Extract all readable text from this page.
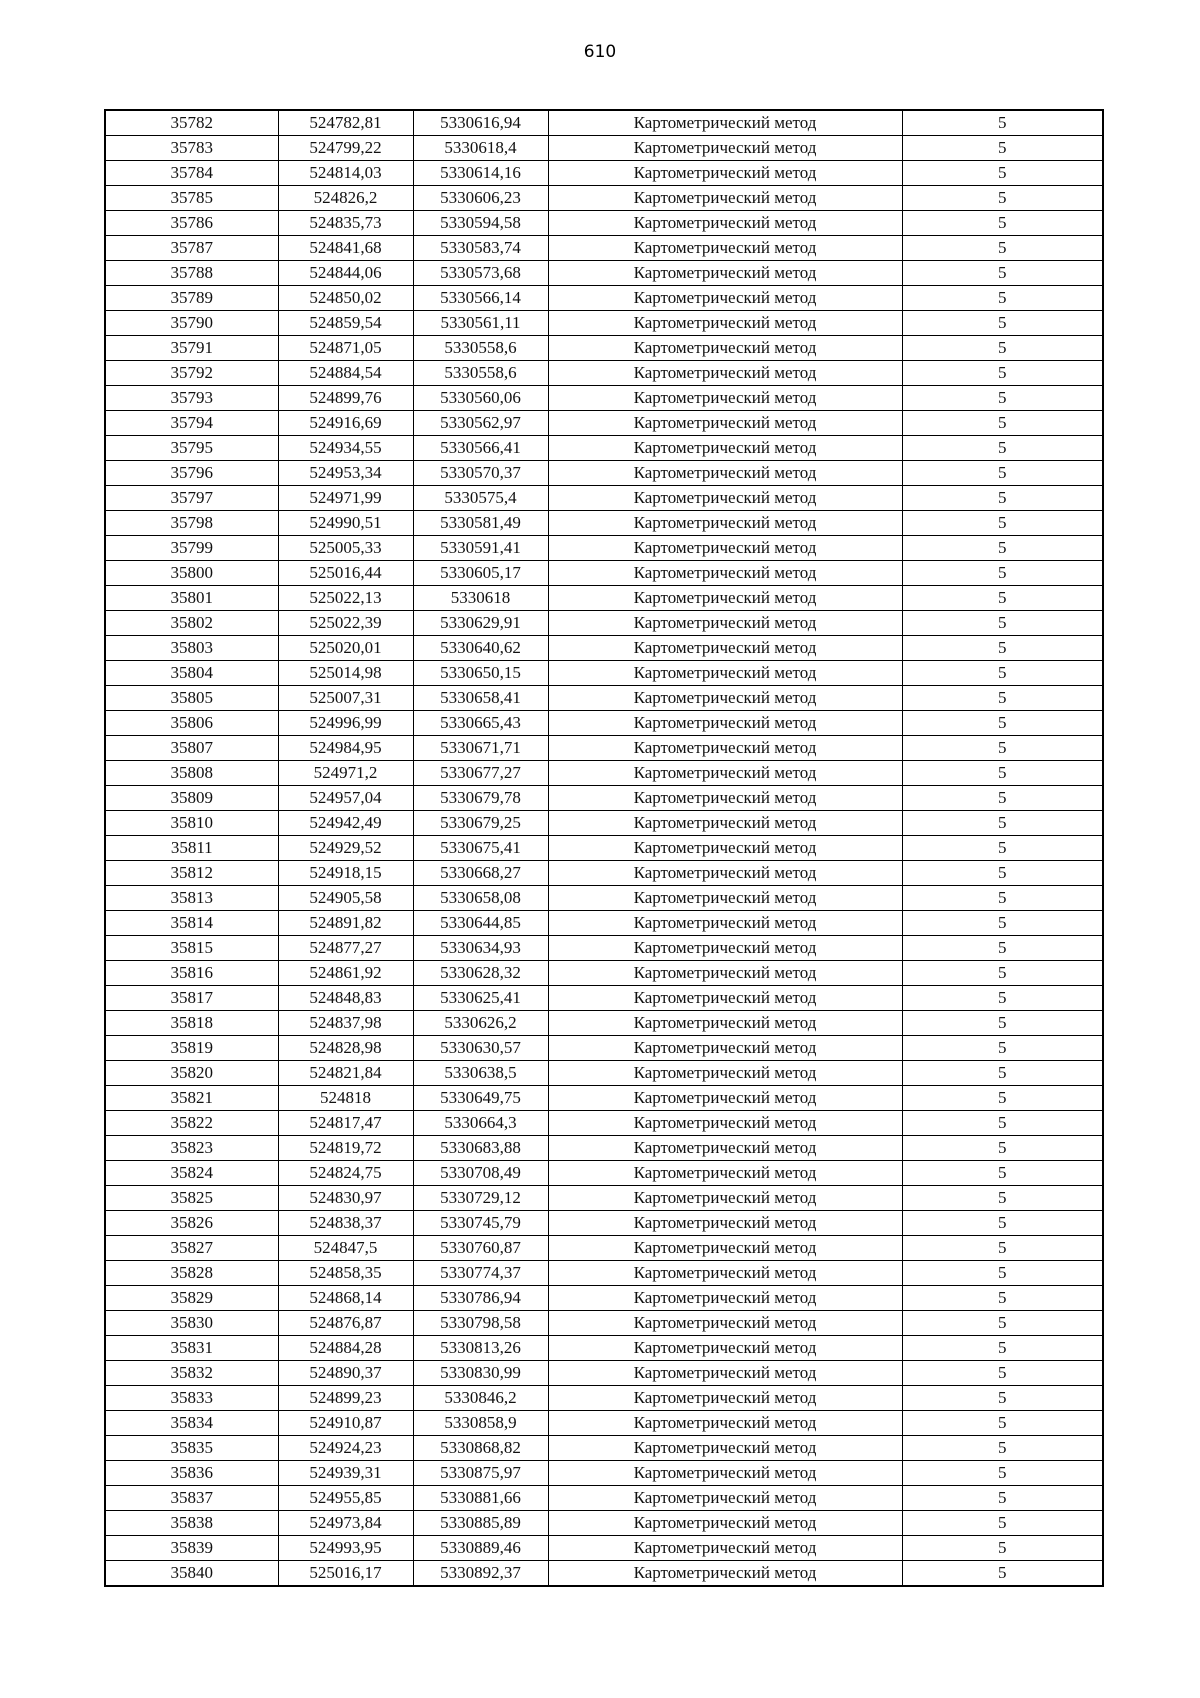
610
35782	524782,81	5330616,94	Картометрический метод	5
35783	524799,22	5330618,4	Картометрический метод	5
35784	524814,03	5330614,16	Картометрический метод	5
35785	524826,2	5330606,23	Картометрический метод	5
35786	524835,73	5330594,58	Картометрический метод	5
35787	524841,68	5330583,74	Картометрический метод	5
35788	524844,06	5330573,68	Картометрический метод	5
35789	524850,02	5330566,14	Картометрический метод	5
35790	524859,54	5330561,11	Картометрический метод	5
35791	524871,05	5330558,6	Картометрический метод	5
35792	524884,54	5330558,6	Картометрический метод	5
35793	524899,76	5330560,06	Картометрический метод	5
35794	524916,69	5330562,97	Картометрический метод	5
35795	524934,55	5330566,41	Картометрический метод	5
35796	524953,34	5330570,37	Картометрический метод	5
35797	524971,99	5330575,4	Картометрический метод	5
35798	524990,51	5330581,49	Картометрический метод	5
35799	525005,33	5330591,41	Картометрический метод	5
35800	525016,44	5330605,17	Картометрический метод	5
35801	525022,13	5330618	Картометрический метод	5
35802	525022,39	5330629,91	Картометрический метод	5
35803	525020,01	5330640,62	Картометрический метод	5
35804	525014,98	5330650,15	Картометрический метод	5
35805	525007,31	5330658,41	Картометрический метод	5
35806	524996,99	5330665,43	Картометрический метод	5
35807	524984,95	5330671,71	Картометрический метод	5
35808	524971,2	5330677,27	Картометрический метод	5
35809	524957,04	5330679,78	Картометрический метод	5
35810	524942,49	5330679,25	Картометрический метод	5
35811	524929,52	5330675,41	Картометрический метод	5
35812	524918,15	5330668,27	Картометрический метод	5
35813	524905,58	5330658,08	Картометрический метод	5
35814	524891,82	5330644,85	Картометрический метод	5
35815	524877,27	5330634,93	Картометрический метод	5
35816	524861,92	5330628,32	Картометрический метод	5
35817	524848,83	5330625,41	Картометрический метод	5
35818	524837,98	5330626,2	Картометрический метод	5
35819	524828,98	5330630,57	Картометрический метод	5
35820	524821,84	5330638,5	Картометрический метод	5
35821	524818	5330649,75	Картометрический метод	5
35822	524817,47	5330664,3	Картометрический метод	5
35823	524819,72	5330683,88	Картометрический метод	5
35824	524824,75	5330708,49	Картометрический метод	5
35825	524830,97	5330729,12	Картометрический метод	5
35826	524838,37	5330745,79	Картометрический метод	5
35827	524847,5	5330760,87	Картометрический метод	5
35828	524858,35	5330774,37	Картометрический метод	5
35829	524868,14	5330786,94	Картометрический метод	5
35830	524876,87	5330798,58	Картометрический метод	5
35831	524884,28	5330813,26	Картометрический метод	5
35832	524890,37	5330830,99	Картометрический метод	5
35833	524899,23	5330846,2	Картометрический метод	5
35834	524910,87	5330858,9	Картометрический метод	5
35835	524924,23	5330868,82	Картометрический метод	5
35836	524939,31	5330875,97	Картометрический метод	5
35837	524955,85	5330881,66	Картометрический метод	5
35838	524973,84	5330885,89	Картометрический метод	5
35839	524993,95	5330889,46	Картометрический метод	5
35840	525016,17	5330892,37	Картометрический метод	5
